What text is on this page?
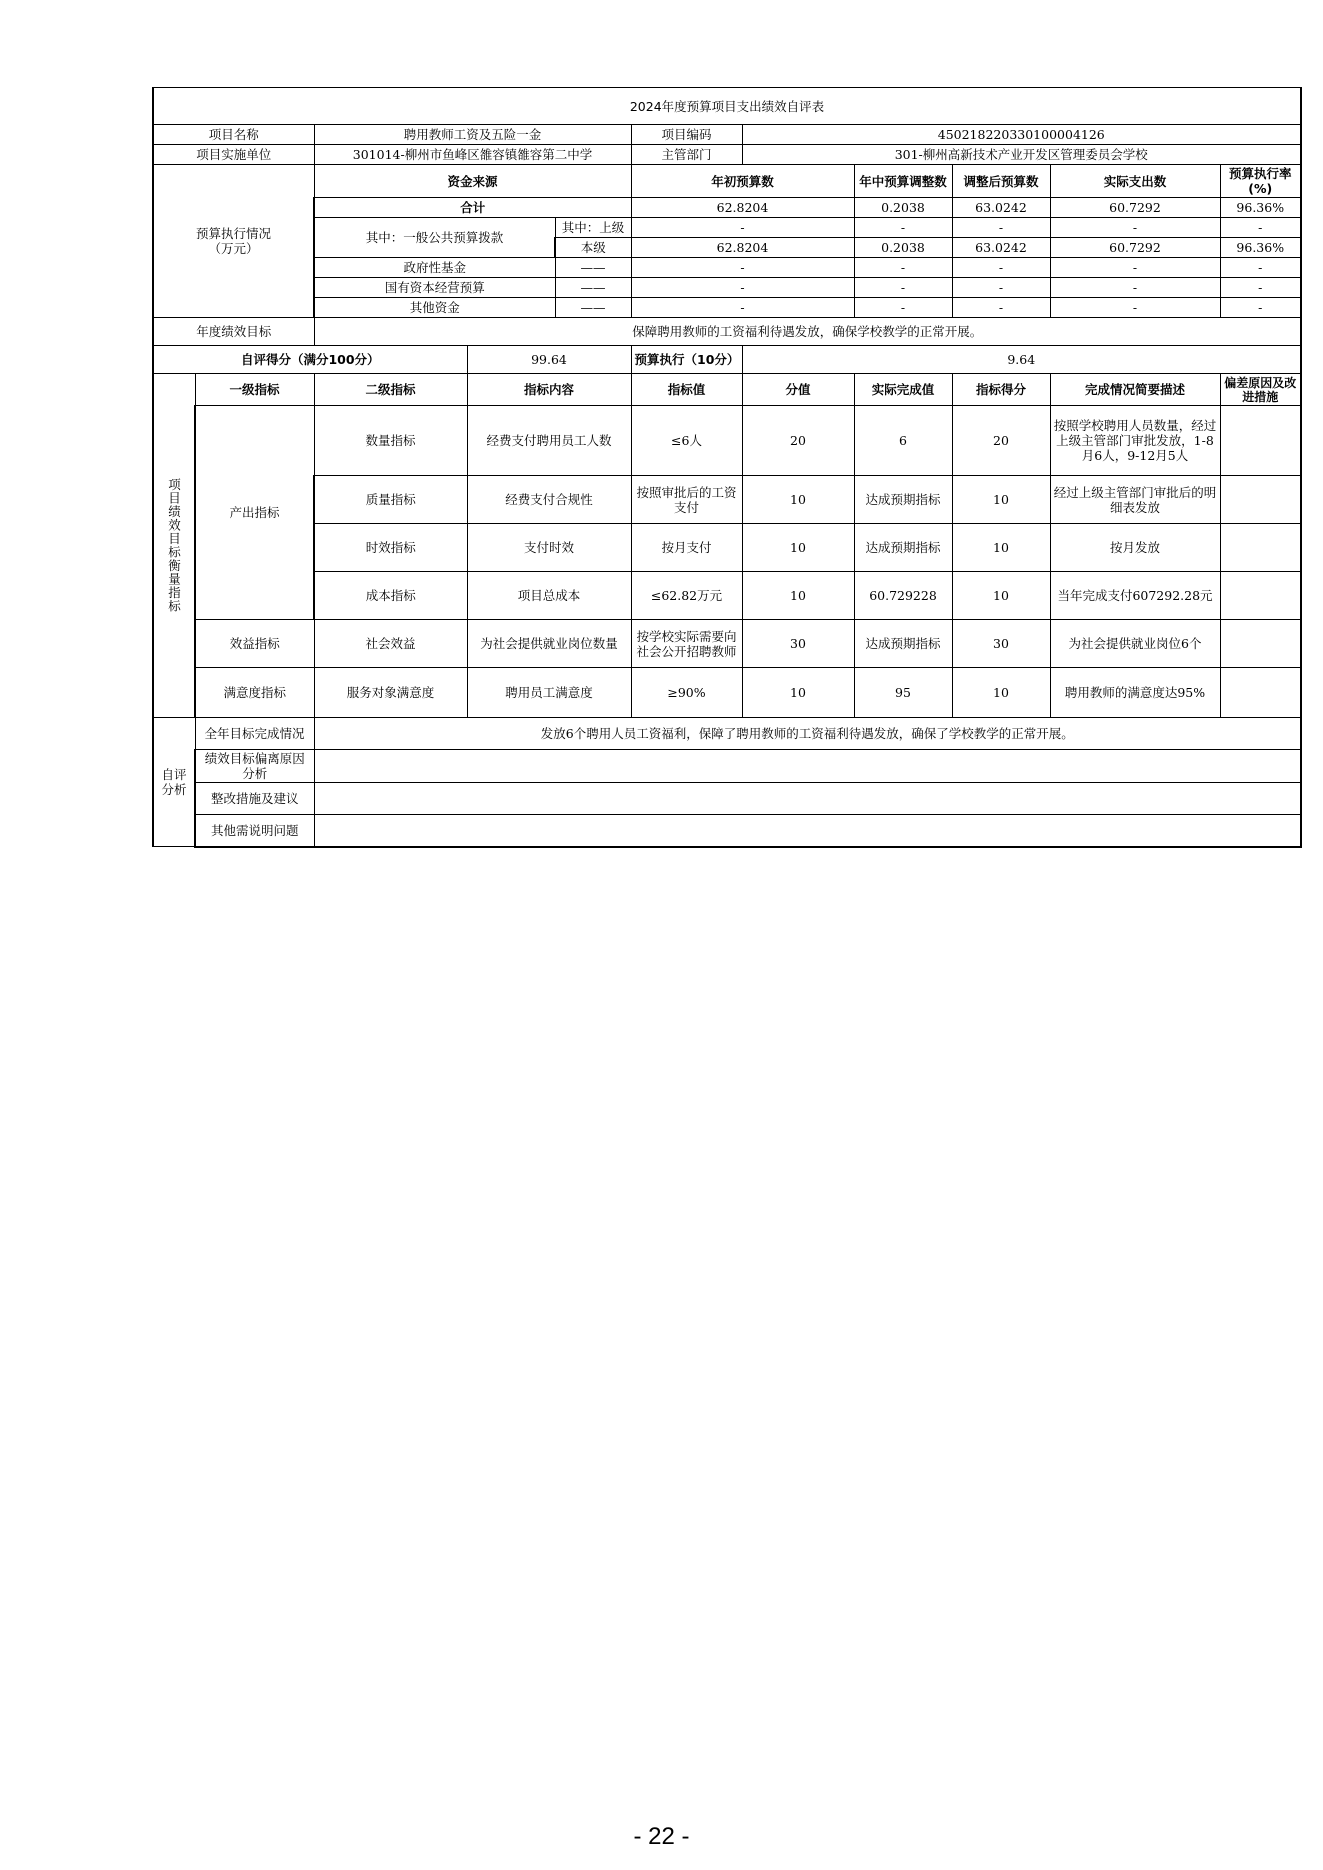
2024年度预算项目支出绩效自评表										
项目名称		聘用教师工资及五险一金			项目编码	450218220330100004126				
项目实施单位		301014-柳州市鱼峰区雒容镇雒容第二中学			主管部门	301-柳州高新技术产业开发区管理委员会学校				
预算执行情况
（万元）		资金来源			年初预算数		年中预算调整数	调整后预算数	实际支出数	预算执行率(%)
		合计			62.8204		0.2038	63.0242	60.7292	96.36%
		其中：一般公共预算拨款		其中：上级	-		-	-	-	-
				本级	62.8204		0.2038	63.0242	60.7292	96.36%
		政府性基金		——	-		-	-	-	-
		国有资本经营预算		——	-		-	-	-	-
		其他资金		——	-		-	-	-	-
年度绩效目标		保障聘用教师的工资福利待遇发放，确保学校教学的正常开展。								
自评得分（满分100分）			99.64		预算执行（10分）	9.64				
项目绩效目标衡量指标	一级指标	二级指标	指标内容		指标值	分值	实际完成值	指标得分	完成情况简要描述	偏差原因及改进措施
	产出指标	数量指标	经费支付聘用员工人数		≤6人	20	6	20	按照学校聘用人员数量，经过上级主管部门审批发放，1-8月6人，9-12月5人	
		质量指标	经费支付合规性		按照审批后的工资支付	10	达成预期指标	10	经过上级主管部门审批后的明细表发放	
		时效指标	支付时效		按月支付	10	达成预期指标	10	按月发放	
		成本指标	项目总成本		≤62.82万元	10	60.729228	10	当年完成支付607292.28元	
	效益指标	社会效益	为社会提供就业岗位数量		按学校实际需要向社会公开招聘教师	30	达成预期指标	30	为社会提供就业岗位6个	
	满意度指标	服务对象满意度	聘用员工满意度		≥90%	10	95	10	聘用教师的满意度达95%	
自评
分析	全年目标完成情况	发放6个聘用人员工资福利，保障了聘用教师的工资福利待遇发放，确保了学校教学的正常开展。								
	绩效目标偏离原因分析									
	整改措施及建议									
	其他需说明问题									
- 22 -
